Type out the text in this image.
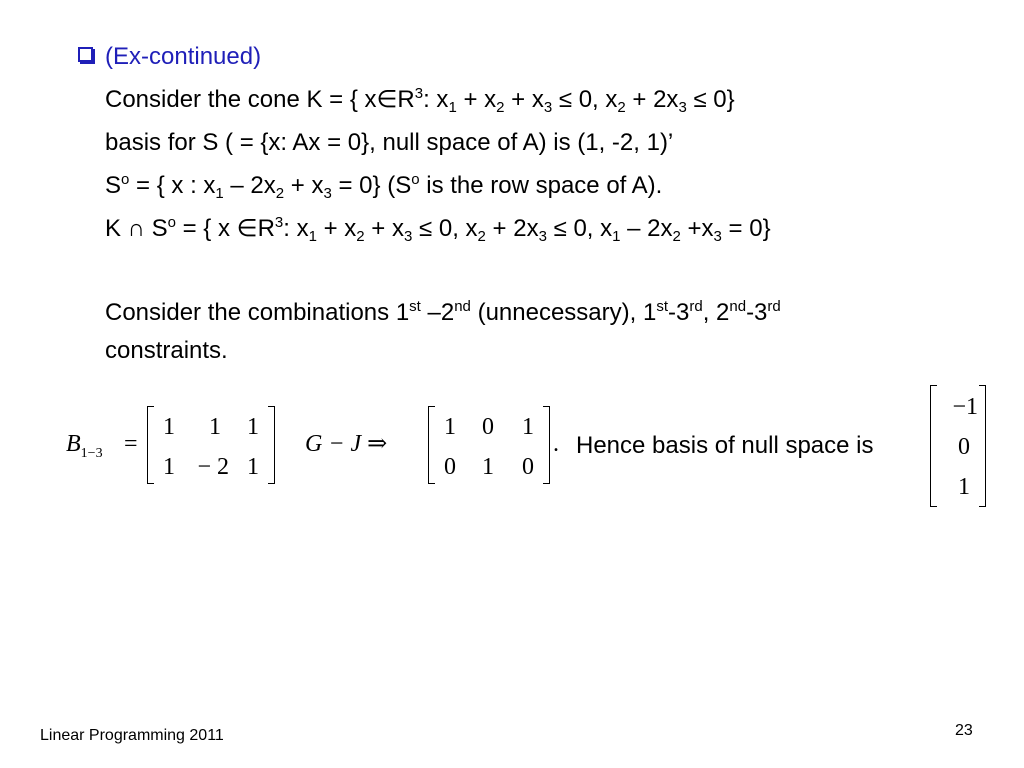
(Ex-continued)
Consider the cone K = { $x\in R^3$: $x_1 + x_2 + x_3 \le 0$, $x_2 + 2x_3 \le 0$}
basis for S ( = {x: Ax = 0}, null space of A) is (1, -2, 1)’
$S^o$ = { x : $x_1 - 2x_2 + x_3 = 0$} ($S^o$ is the row space of A).
K ∩ $S^o$ = { x $\in R^3$: $x_1 + x_2 + x_3 \le 0$, $x_2 + 2x_3 \le 0$, $x_1 - 2x_2 +x_3 = 0$}
Consider the combinations 1st –2nd (unnecessary), 1st-3rd, 2nd-3rd
constraints.
$B_{1-3}$ =
1	1	1
1 − 2 1
G − J ⇒
1	0	1
0	1	0
. Hence basis of null space is
−1
0
1
Linear Programming 2011	23
